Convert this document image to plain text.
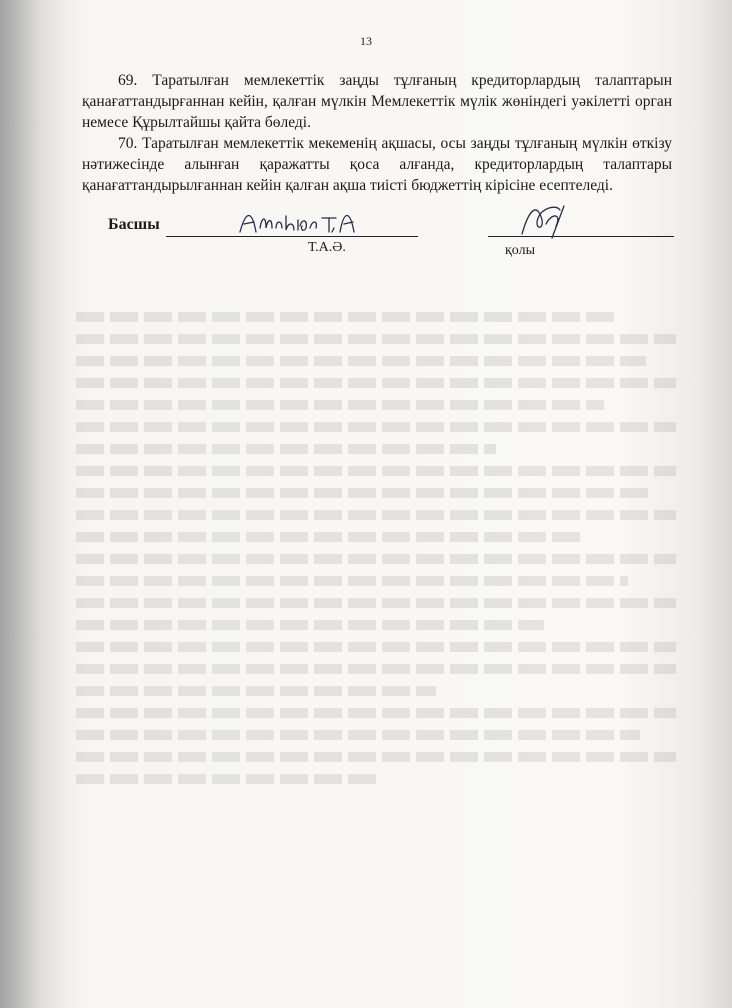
13

69. Таратылған мемлекеттік заңды тұлғаның кредиторлардың талаптарын қанағаттандырғаннан кейін, қалған мүлкін Мемлекеттік мүлік жөніндегі уәкілетті орган немесе Құрылтайшы қайта бөледі.

70. Таратылған мемлекеттік мекеменің ақшасы, осы заңды тұлғаның мүлкін өткізу нәтижесінде алынған қаражатты қоса алғанда, кредиторлардың талаптары қанағаттандырылғаннан кейін қалған ақша тиісті бюджеттің кірісіне есептеледі.

Басшы
Т.А.Ә.	қолы
